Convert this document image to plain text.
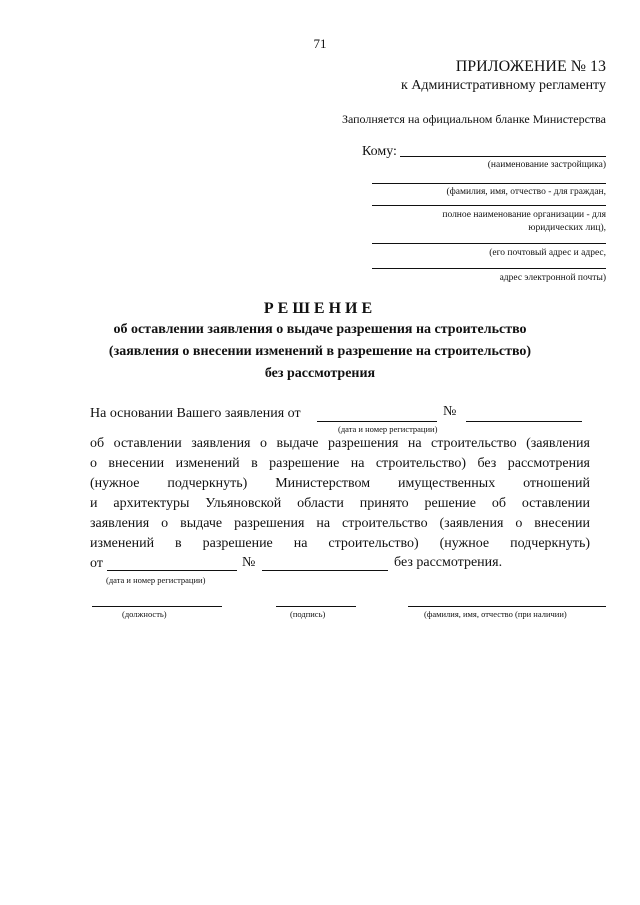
71
ПРИЛОЖЕНИЕ № 13
к Административному регламенту
Заполняется на официальном бланке Министерства
Кому:
(наименование застройщика)
(фамилия, имя, отчество - для граждан,
полное наименование организации - для
юридических лиц),
(его почтовый адрес и адрес,
адрес электронной почты)
РЕШЕНИЕ
об оставлении заявления о выдаче разрешения на строительство
(заявления о внесении изменений в разрешение на строительство)
без рассмотрения
На основании Вашего заявления от	№
(дата и номер регистрации)
об оставлении заявления о выдаче разрешения на строительство (заявления
о внесении изменений в разрешение на строительство) без рассмотрения
(нужное подчеркнуть) Министерством имущественных отношений
и архитектуры Ульяновской области принято решение об оставлении
заявления о выдаче разрешения на строительство (заявления о внесении
изменений в разрешение на строительство) (нужное подчеркнуть)
от	№	без рассмотрения.
(дата и номер регистрации)
(должность)	(подпись)	(фамилия, имя, отчество (при наличии)
